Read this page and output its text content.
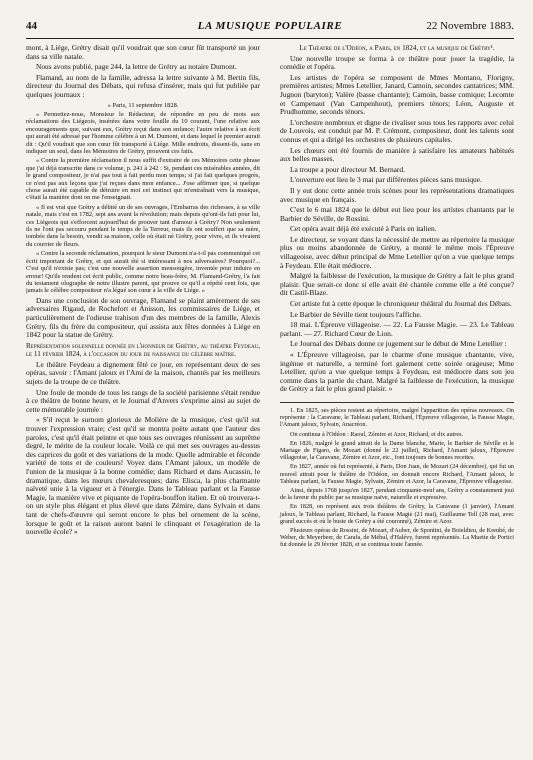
44	LA MUSIQUE POPULAIRE	22 Novembre 1883.

mont, à Liége, Grétry disait qu'il voudrait que son cœur fût transporté un jour dans sa ville natale.

Nous avons publié, page 244, la lettre de Grétry au notaire Dumont.

Flamand, au nom de la famille, adressa la lettre suivante à M. Bertin fils, directeur du Journal des Débats, qui refusa d'insérer, mais qui fut publiée par quelques journaux :

« Paris, 11 septembre 1828.

« Permettez-nous, Monsieur le Rédacteur, de répondre en peu de mots aux réclamations des Liégeois, insérées dans votre feuille du 10 courant, l'une relative aux encouragements que, suivant eux, Grétry reçut dans son enfance; l'autre relative à un écrit qui aurait été adressé par l'homme célèbre à un M. Dumont, et dans lequel le premier aurait dit : Qu'il voudrait que son cœur fût transporté à Liége. Mille endroits, dissent-ils, sans en indiquer un seul, dans les Mémoires de Grétry, prouvent ces faits.

« Contre la première réclamation il nous suffit d'extraire de ces Mémoires cette phrase que j'ai déjà transcrite dans ce volume, p. 241 à 242 : Si, pendant ces misérables années, dit le grand compositeur, je n'ai pas tout à fait perdu mon temps; si j'ai fait quelques progrès, ce n'est pas aux leçons que j'ai reçues dans mon enfance... J'ose affirmer que, si quelque chose aurait été capable de détruire en moi cet instinct qui m'entraînait vers la musique, c'était la manière dont on me l'enseignait.

« Il est vrai que Grétry a débité un de ses ouvrages, l'Embarras des richesses, à sa ville natale, mais c'est en 1782, sept ans avant la révolution; mais depuis qu'ont-ils fait pour lui, ces Liégeois qui s'efforcent aujourd'hui de prouver tant d'amour à Grétry? Non seulement ils ne l'ont pas secouru pendant le temps de la Terreur, mais ils ont souffert que sa mère, tombée dans la besoin, vendit sa maison, celle où était né Grétry, pour vivre, et ils vivaient du courrier de fleurs.

« Contre la seconde réclamation, pourquoi le sieur Dumont n'a-t-il pas communiqué cet écrit important de Grétry, et qui aurait été si intéressant à nos adversaires? Pourquoi?... C'est qu'il n'existe pas; c'est une nouvelle assertion mensongère, inventée pour induire en erreur! Qu'ils rendent cet écrit public, comme notre beau-frère, M. Flamand-Grétry, l'a fait du testament olographe de notre illustre parent, qui prouve ce qu'il a répété cent fois, que jamais le célèbre compositeur n'a légué son cœur à la ville de Liége. »

Dans une conclusion de son ouvrage, Flamand se plaint amèrement de ses adversaires Rigaud, de Rochefort et Anisson, les commissaires de Liége, et particulièrement de l'odieuse trahison d'un des membres de la famille, Alexis Grétry, fils du frère du compositeur, qui assista aux fêtes données à Liége en 1842 pour la statue de Grétry.

Représentation solennelle donnée en l'honneur de Grétry, au théatre Feydeau, le 11 février 1824, à l'occasion du jour de naissance du célèbre maître.

Le théâtre Feydeau a dignement fêté ce jour, en représentant deux de ses opéras, savoir : l'Amant jaloux et l'Ami de la maison, chantés par les meilleurs sujets de la troupe de ce théâtre.

Une foule de monde de tous les rangs de la société parisienne s'était rendue à ce théâtre de bonne heure, et le Journal d'Anvers s'exprime ainsi au sujet de cette mémorable journée :

« S'il reçut le surnom glorieux de Molière de la musique, c'est qu'il sut trouver l'expression vraie; c'est qu'il se montra poète autant que l'auteur des paroles, c'est qu'il était peintre et que tous ses ouvrages réunissent au suprême degré, le mérite de la couleur locale. Voilà ce qui met ses ouvrages au-dessus des caprices du goût et des variations de la mode. Quelle admirable et féconde variété de tons et de couleurs! Voyez dans l'Amant jaloux, un modèle de l'union de la musique à la bonne comédie; dans Richard et dans Aucassin, le dramatique, dans les mœurs chevaleresques; dans Elisca, la plus charmante naïveté unie à la vigueur et à l'énergie. Dans le Tableau parlant et la Fausse Magie, la manière vive et piquante de l'opéra-bouffon italien. Et où trouvera-t-on un style plus élégant et plus élevé que dans Zémire, dans Sylvain et dans tant de chefs-d'œuvre qui seront encore le plus bel ornement de la scène, lorsque le goût et la raison auront banni le clinquant et l'exagération de la nouvelle école? »

Le Théatre de l'Odéon, a Paris, en 1824, et la musique de Grétry¹.

Une nouvelle troupe se forma à ce théâtre pour jouer la tragédie, la comédie et l'opéra.

Les artistes de l'opéra se composent de Mmes Montano, Florigny, premières artistes; Mmes Letellier, Janard, Camoin, secondes cantatrices; MM. Jugnon (baryton); Valère (basse chantante); Camoin, basse comique; Lecomte et Campenaut (Van Campenhout), premiers ténors; Léon, Auguste et Prudhomme, seconds ténors.

L'orchestre nombreux et digne de rivaliser sous tous les rapports avec celui de Louvois, est conduit par M. P. Crémont, compositeur, dont les talents sont connus et qui a dirigé les orchestres de plusieurs capitales.

Les chœurs ont été fournis de manière à satisfaire les amateurs habitués aux belles masses.

La troupe a pour directeur M. Bernard.

L'ouverture eut lieu le 3 mai par différentes pièces sans musique.

Il y eut donc cette année trois scènes pour les représentations dramatiques avec musique en français.

C'est le 6 mai 1824 que le début eut lieu pour les artistes chantants par le Barbier de Séville, de Rossini.

Cet opéra avait déjà été exécuté à Paris en italien.

Le directeur, se voyant dans la nécessité de mettre au répertoire la musique plus ou moins abandonnée de Grétry, a monté le même mois l'Épreuve villageoise, avec début principal de Mme Letellier qu'on a vue quelque temps à Feydeau. Elle était médiocre.

Malgré la faiblesse de l'exécution, la musique de Grétry a fait le plus grand plaisir. Que serait-ce donc si elle avait été chantée comme elle a été conçue? dit Castil-Blaze.

Cet artiste fut à cette époque le chroniqueur théâtral du Journal des Débats.

Le Barbier de Séville tient toujours l'affiche.

18 mai. L'Épreuve villageoise. — 22. La Fausse Magie. — 23. Le Tableau parlant. — 27. Richard Cœur de Lion.

Le Journal des Débats donne ce jugement sur le début de Mme Letellier :

« L'Épreuve villageoise, par le charme d'une musique chantante, vive, ingénue et naturelle, a terminé fort galement cette soirée orageuse; Mme Letellier, qu'on a vue quelque temps à Feydeau, est médiocre dans son jeu comme dans la partie du chant. Malgré la faiblesse de l'exécution, la musique de Grétry a fait le plus grand plaisir. »

1. En 1825, ses pièces restent au répertoire, malgré l'apparition des opéras nouveaux. On représente : la Caravane, le Tableau parlant, Richard, l'Épreuve villageoise, la Fausse Magie, l'Amant jaloux, Sylvain, Anacréon.

On continua à l'Odéon : Raoul, Zémire et Azor, Richard, et dix autres.

En 1826, malgré le grand attrait de la Dame blanche, Marie, le Barbier de Séville et le Mariage de Figaro, de Mozart (donné le 22 juillet), Richard, l'Amant jaloux, l'Épreuve villageoise, la Caravane, Zémire et Azor, etc., font toujours de bonnes recettes.

En 1827, année où fut représenté, à Paris, Don Juan, de Mozart (24 décembre), qui fut un nouvel attrait pour le théâtre de l'Odéon, on donnait encore Richard, l'Amant jaloux, le Tableau parlant, la Fausse Magie, Sylvain, Zémire et Azor, la Caravane, l'Épreuve villageoise.

Ainsi, depuis 1768 jusqu'en 1827, pendant cinquante-neuf ans, Grétry a constamment joui de la faveur du public par sa musique naïve, naturelle et expressive.

En 1828, on représent aux trois théâtres de Grétry, la Caravane (1 janvier), l'Amant jaloux, le Tableau parlant, Richard, la Fausse Magie (21 mai), Guillaume Tell (28 mai, avec grand succès et où le buste de Grétry a été couronné), Zémire et Azor.

Plusieurs opéras de Rossini, de Mozart, d'Auber, de Spontini, de Boieldieu, de Kreubé, de Weber, de Meyerbeer, de Carafa, de Méhul, d'Halévy, furent représentés. La Muette de Portici fut donnée le 29 février 1828, et se continua toute l'année.
